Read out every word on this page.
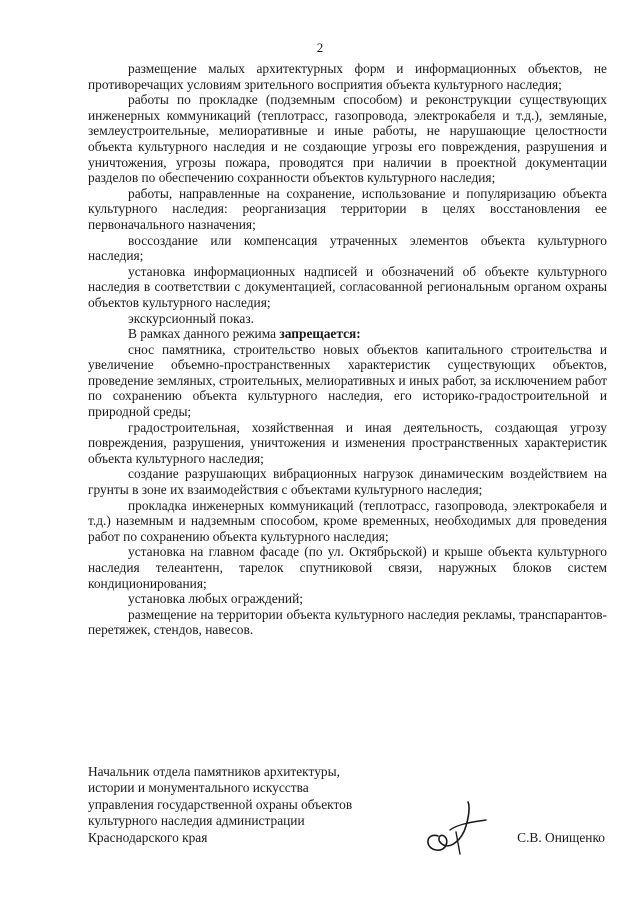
2

размещение малых архитектурных форм и информационных объектов, не противоречащих условиям зрительного восприятия объекта культурного наследия;

работы по прокладке (подземным способом) и реконструкции существующих инженерных коммуникаций (теплотрасс, газопровода, электрокабеля и т.д.), земляные, землеустроительные, мелиоративные и иные работы, не нарушающие целостности объекта культурного наследия и не создающие угрозы его повреждения, разрушения и уничтожения, угрозы пожара, проводятся при наличии в проектной документации разделов по обеспечению сохранности объектов культурного наследия;

работы, направленные на сохранение, использование и популяризацию объекта культурного наследия: реорганизация территории в целях восстановления ее первоначального назначения;

воссоздание или компенсация утраченных элементов объекта культурного наследия;

установка информационных надписей и обозначений об объекте культурного наследия в соответствии с документацией, согласованной региональным органом охраны объектов культурного наследия;

экскурсионный показ.

В рамках данного режима запрещается:

снос памятника, строительство новых объектов капитального строительства и увеличение объемно-пространственных характеристик существующих объектов, проведение земляных, строительных, мелиоративных и иных работ, за исключением работ по сохранению объекта культурного наследия, его историко-градостроительной и природной среды;

градостроительная, хозяйственная и иная деятельность, создающая угрозу повреждения, разрушения, уничтожения и изменения пространственных характеристик объекта культурного наследия;

создание разрушающих вибрационных нагрузок динамическим воздействием на грунты в зоне их взаимодействия с объектами культурного наследия;

прокладка инженерных коммуникаций (теплотрасс, газопровода, электрокабеля и т.д.) наземным и надземным способом, кроме временных, необходимых для проведения работ по сохранению объекта культурного наследия;

установка на главном фасаде (по ул. Октябрьской) и крыше объекта культурного наследия телеантенн, тарелок спутниковой связи, наружных блоков систем кондиционирования;

установка любых ограждений;

размещение на территории объекта культурного наследия рекламы, транспарантов-перетяжек, стендов, навесов.

Начальник отдела памятников архитектуры,
истории и монументального искусства
управления государственной охраны объектов
культурного наследия администрации
Краснодарского края	С.В. Онищенко
